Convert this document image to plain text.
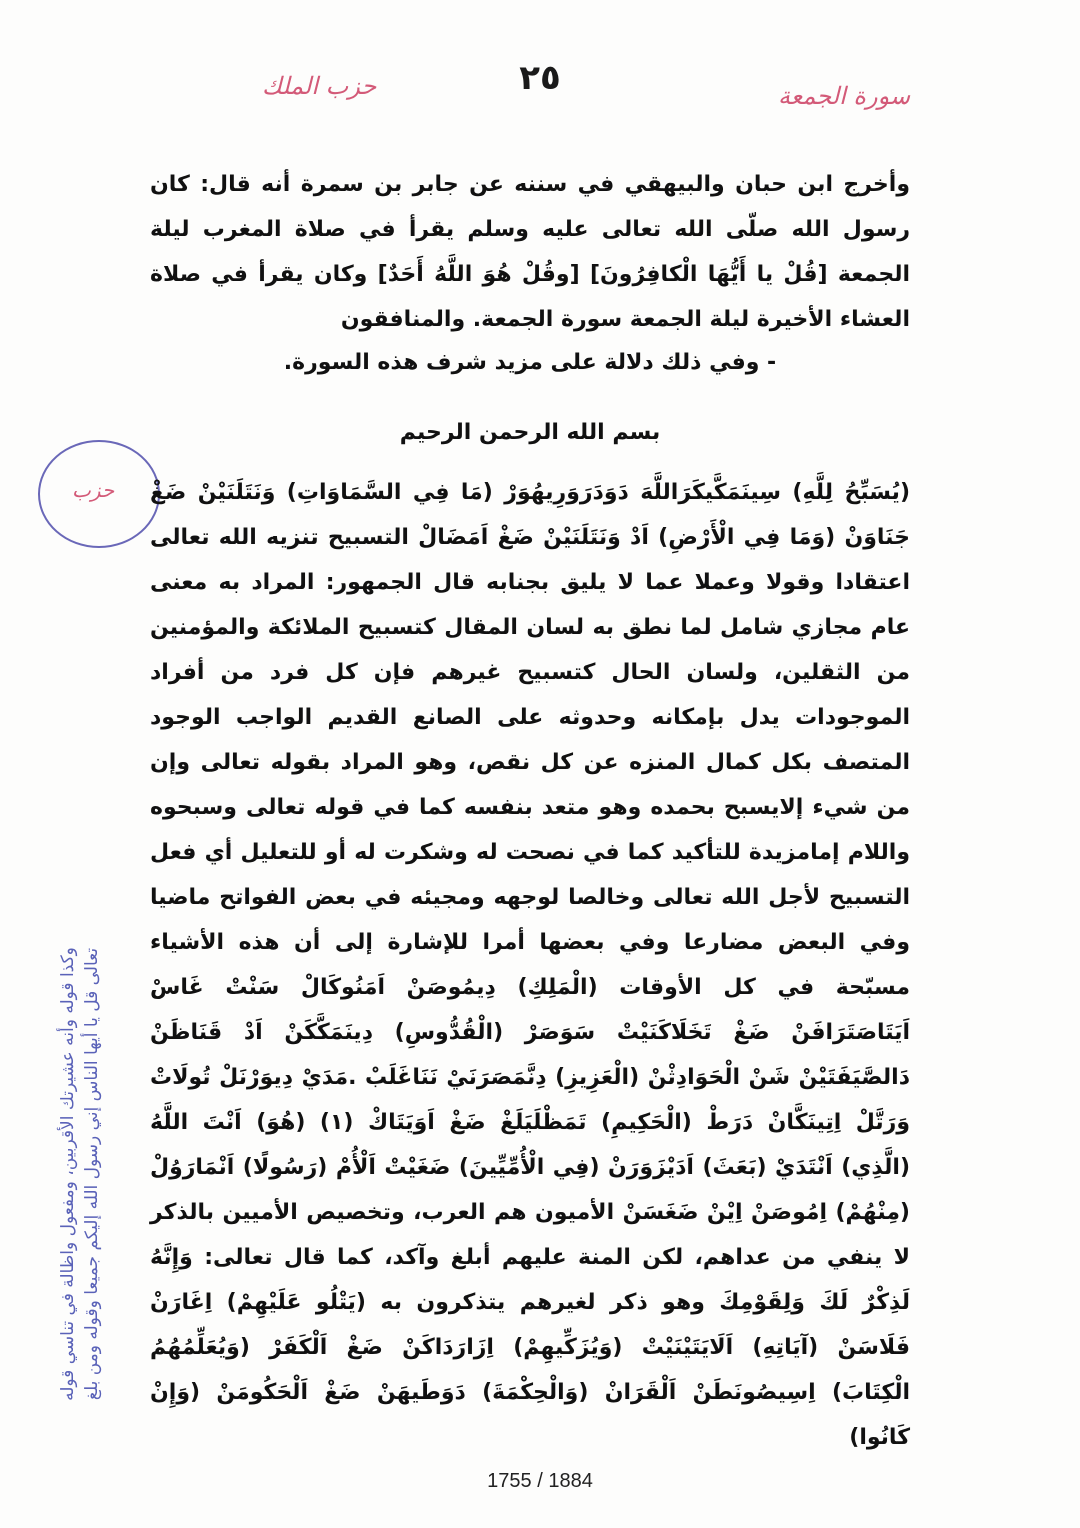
حزب الملك	٢٥	سورة الجمعة
وأخرج ابن حبان والبيهقي في سننه عن جابر بن سمرة أنه قال: كان رسول الله صلّى الله تعالى عليه وسلم يقرأ في صلاة المغرب ليلة الجمعة [قُلْ يا أَيُّهَا الْكافِرُونَ] [وقُلْ هُوَ اللَّهُ أَحَدٌ] وكان يقرأ في صلاة العشاء الأخيرة ليلة الجمعة سورة الجمعة. والمنافقون
- وفي ذلك دلالة على مزيد شرف هذه السورة.
بسم الله الرحمن الرحيم
حزب (يُسَبِّحُ لِلَّهِ) سِينَمَكَّيكَرَاللَّهَ دَوَدَرَوَرِيهُوَرْ (مَا فِي السَّمَاوَاتِ) وَنَتَلَنَيْنْ ضَغْ جَنَاوَنْ (وَمَا فِي الْأَرْضِ) اَدْ وَنَتَلَنَيْنْ ضَغْ اَمَضَالْ التسبيح تنزيه الله تعالى اعتقادا وقولا وعملا عما لا يليق بجنابه قال الجمهور: المراد به معنى عام مجازي شامل لما نطق به لسان المقال كتسبيح الملائكة والمؤمنين من الثقلين، ولسان الحال كتسبيح غيرهم فإن كل فرد من أفراد الموجودات يدل بإمكانه وحدوثه على الصانع القديم الواجب الوجود المتصف بكل كمال المنزه عن كل نقص، وهو المراد بقوله تعالى وإن من شيء إلايسبح بحمده وهو متعد بنفسه كما في قوله تعالى وسبحوه واللام إمامزيدة للتأكيد كما في نصحت له وشكرت له أو للتعليل أي فعل التسبيح لأجل الله تعالى وخالصا لوجهه ومجيئه في بعض الفواتح ماضيا وفي البعض مضارعا وفي بعضها أمرا للإشارة إلى أن هذه الأشياء مسبّحة في كل الأوقات (الْمَلِكِ) دِيمُوصَنْ اَمَنُوكَالْ سَنْتْ غَاسْ اَيَتَاصَتَرَافَنْ ضَغْ تَخَلَاكَنَيْتْ سَوَصَرْ (الْقُدُّوسِ) دِينَمَكَّكَنْ اَدْ قَنَاظَنْ دَالصَّيَفَتَيْنْ شَنْ الْحَوَادِثْنْ (الْعَزِيزِ) دِنَّمَصَرَنَيْ نَنَاغَلَبْ .مَدَيْ دِيوَرْنَلْ تُولَاتْ وَرَتَّلْ اِتِينَكَّانْ دَرَطْ (الْحَكِيمِ) تَمَظْلَيَلَغْ ضَغْ اَوَيَتَاكْ (١) (هُوَ) اَنْتَ اللَّهُ (الَّذِي) اَنْتَدَيْ (بَعَثَ) اَدَيْزَوَرَنْ (فِي الْأُمِّيِّينَ) ضَغَيْتْ اَلْأُمْ (رَسُولًا) اَنْمَارَوُلْ (مِنْهُمْ) اِمُوصَنْ اِيْنْ ضَغَسَنْ الأميون هم العرب، وتخصيص الأميين بالذكر لا ينفي من عداهم، لكن المنة عليهم أبلغ وآكد، كما قال تعالى: وَإِنَّهُ لَذِكْرٌ لَكَ وَلِقَوْمِكَ وهو ذكر لغيرهم يتذكرون به (يَتْلُو عَلَيْهِمْ) اِغَارَنْ فَلَاسَنْ (آيَاتِهِ) اَلَايَتَيْنَيْتْ (وَيُزَكِّيهِمْ) اِزَارَدَاكَنْ ضَغْ اَلْكَفَرْ (وَيُعَلِّمُهُمُ الْكِتَابَ) اِسِيصُونَطَنْ اَلْقَرَانْ (وَالْحِكْمَةَ) دَوَطَيهَنْ ضَغْ اَلْحَكُومَنْ (وَإِنْ كَانُوا)
وكذا قوله وأنه عشيرتك الأقربين، ومفعول واظالة في تناسي قوله تعالى قل يا أيها الناس إني رسول الله إليكم جميعا وقوله ومن بلغ
1755 / 1884
